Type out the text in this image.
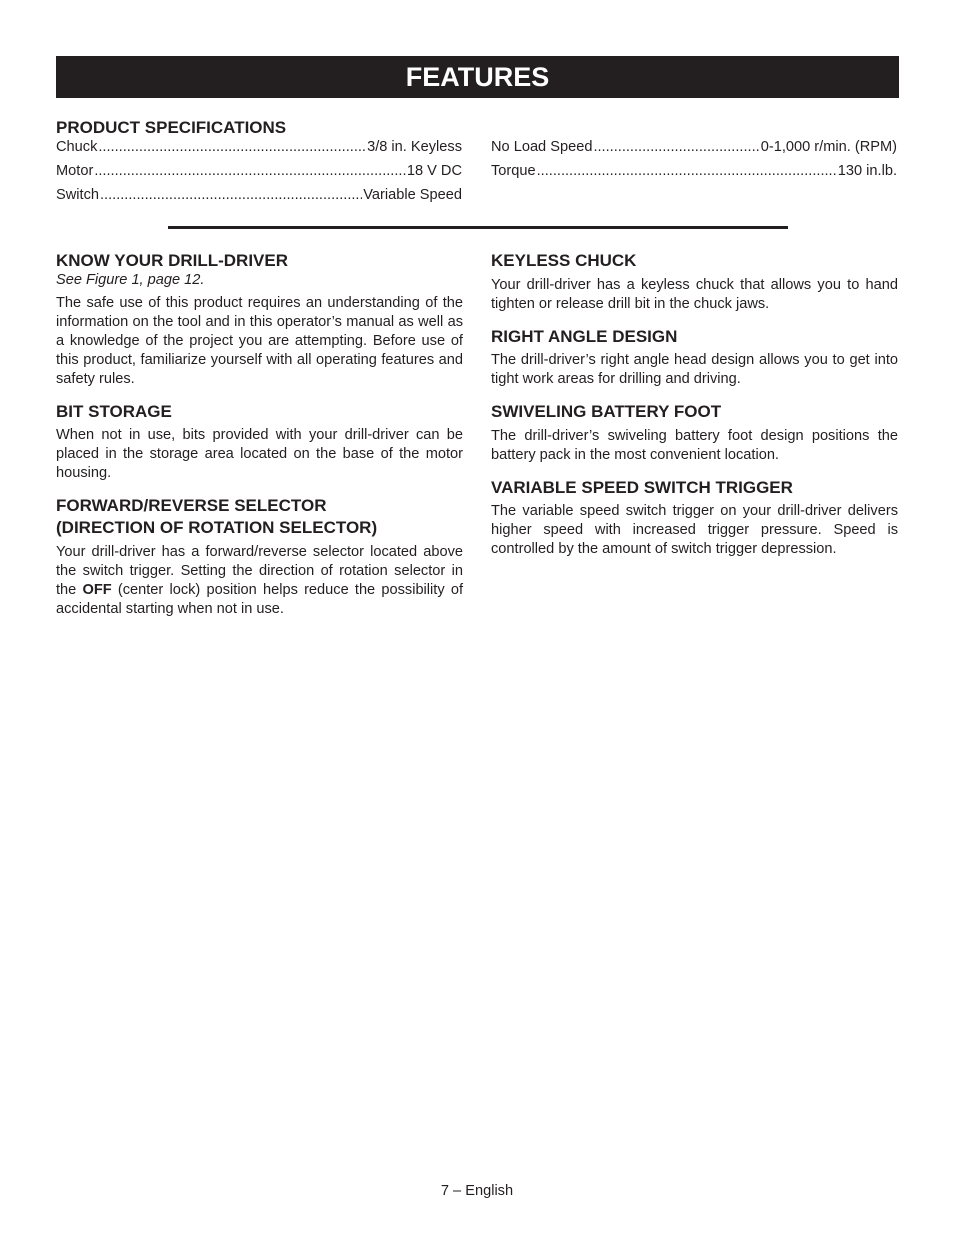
FEATURES
PRODUCT SPECIFICATIONS
Chuck .....	3/8 in. Keyless
Motor .....	18 V DC
Switch .....	Variable Speed
No Load Speed .....	0-1,000 r/min. (RPM)
Torque .....	130 in.lb.
KNOW YOUR DRILL-DRIVER
See Figure 1, page 12.

The safe use of this product requires an understanding of the information on the tool and in this operator’s manual as well as a knowledge of the project you are attempting. Before use of this product, familiarize yourself with all operating features and safety rules.

BIT STORAGE

When not in use, bits provided with your drill-driver can be placed in the storage area located on the base of the motor housing.

FORWARD/REVERSE SELECTOR
(DIRECTION OF ROTATION SELECTOR)

Your drill-driver has a forward/reverse selector located above the switch trigger. Setting the direction of rotation selector in the OFF (center lock) position helps reduce the possibility of accidental starting when not in use.

KEYLESS CHUCK

Your drill-driver has a keyless chuck that allows you to hand tighten or release drill bit in the chuck jaws.

RIGHT ANGLE DESIGN

The drill-driver’s right angle head design allows you to get into tight work areas for drilling and driving.

SWIVELING BATTERY FOOT

The drill-driver’s swiveling battery foot design positions the battery pack in the most convenient location.

VARIABLE SPEED SWITCH TRIGGER

The variable speed switch trigger on your drill-driver delivers higher speed with increased trigger pressure. Speed is controlled by the amount of switch trigger depression.

7 – English
